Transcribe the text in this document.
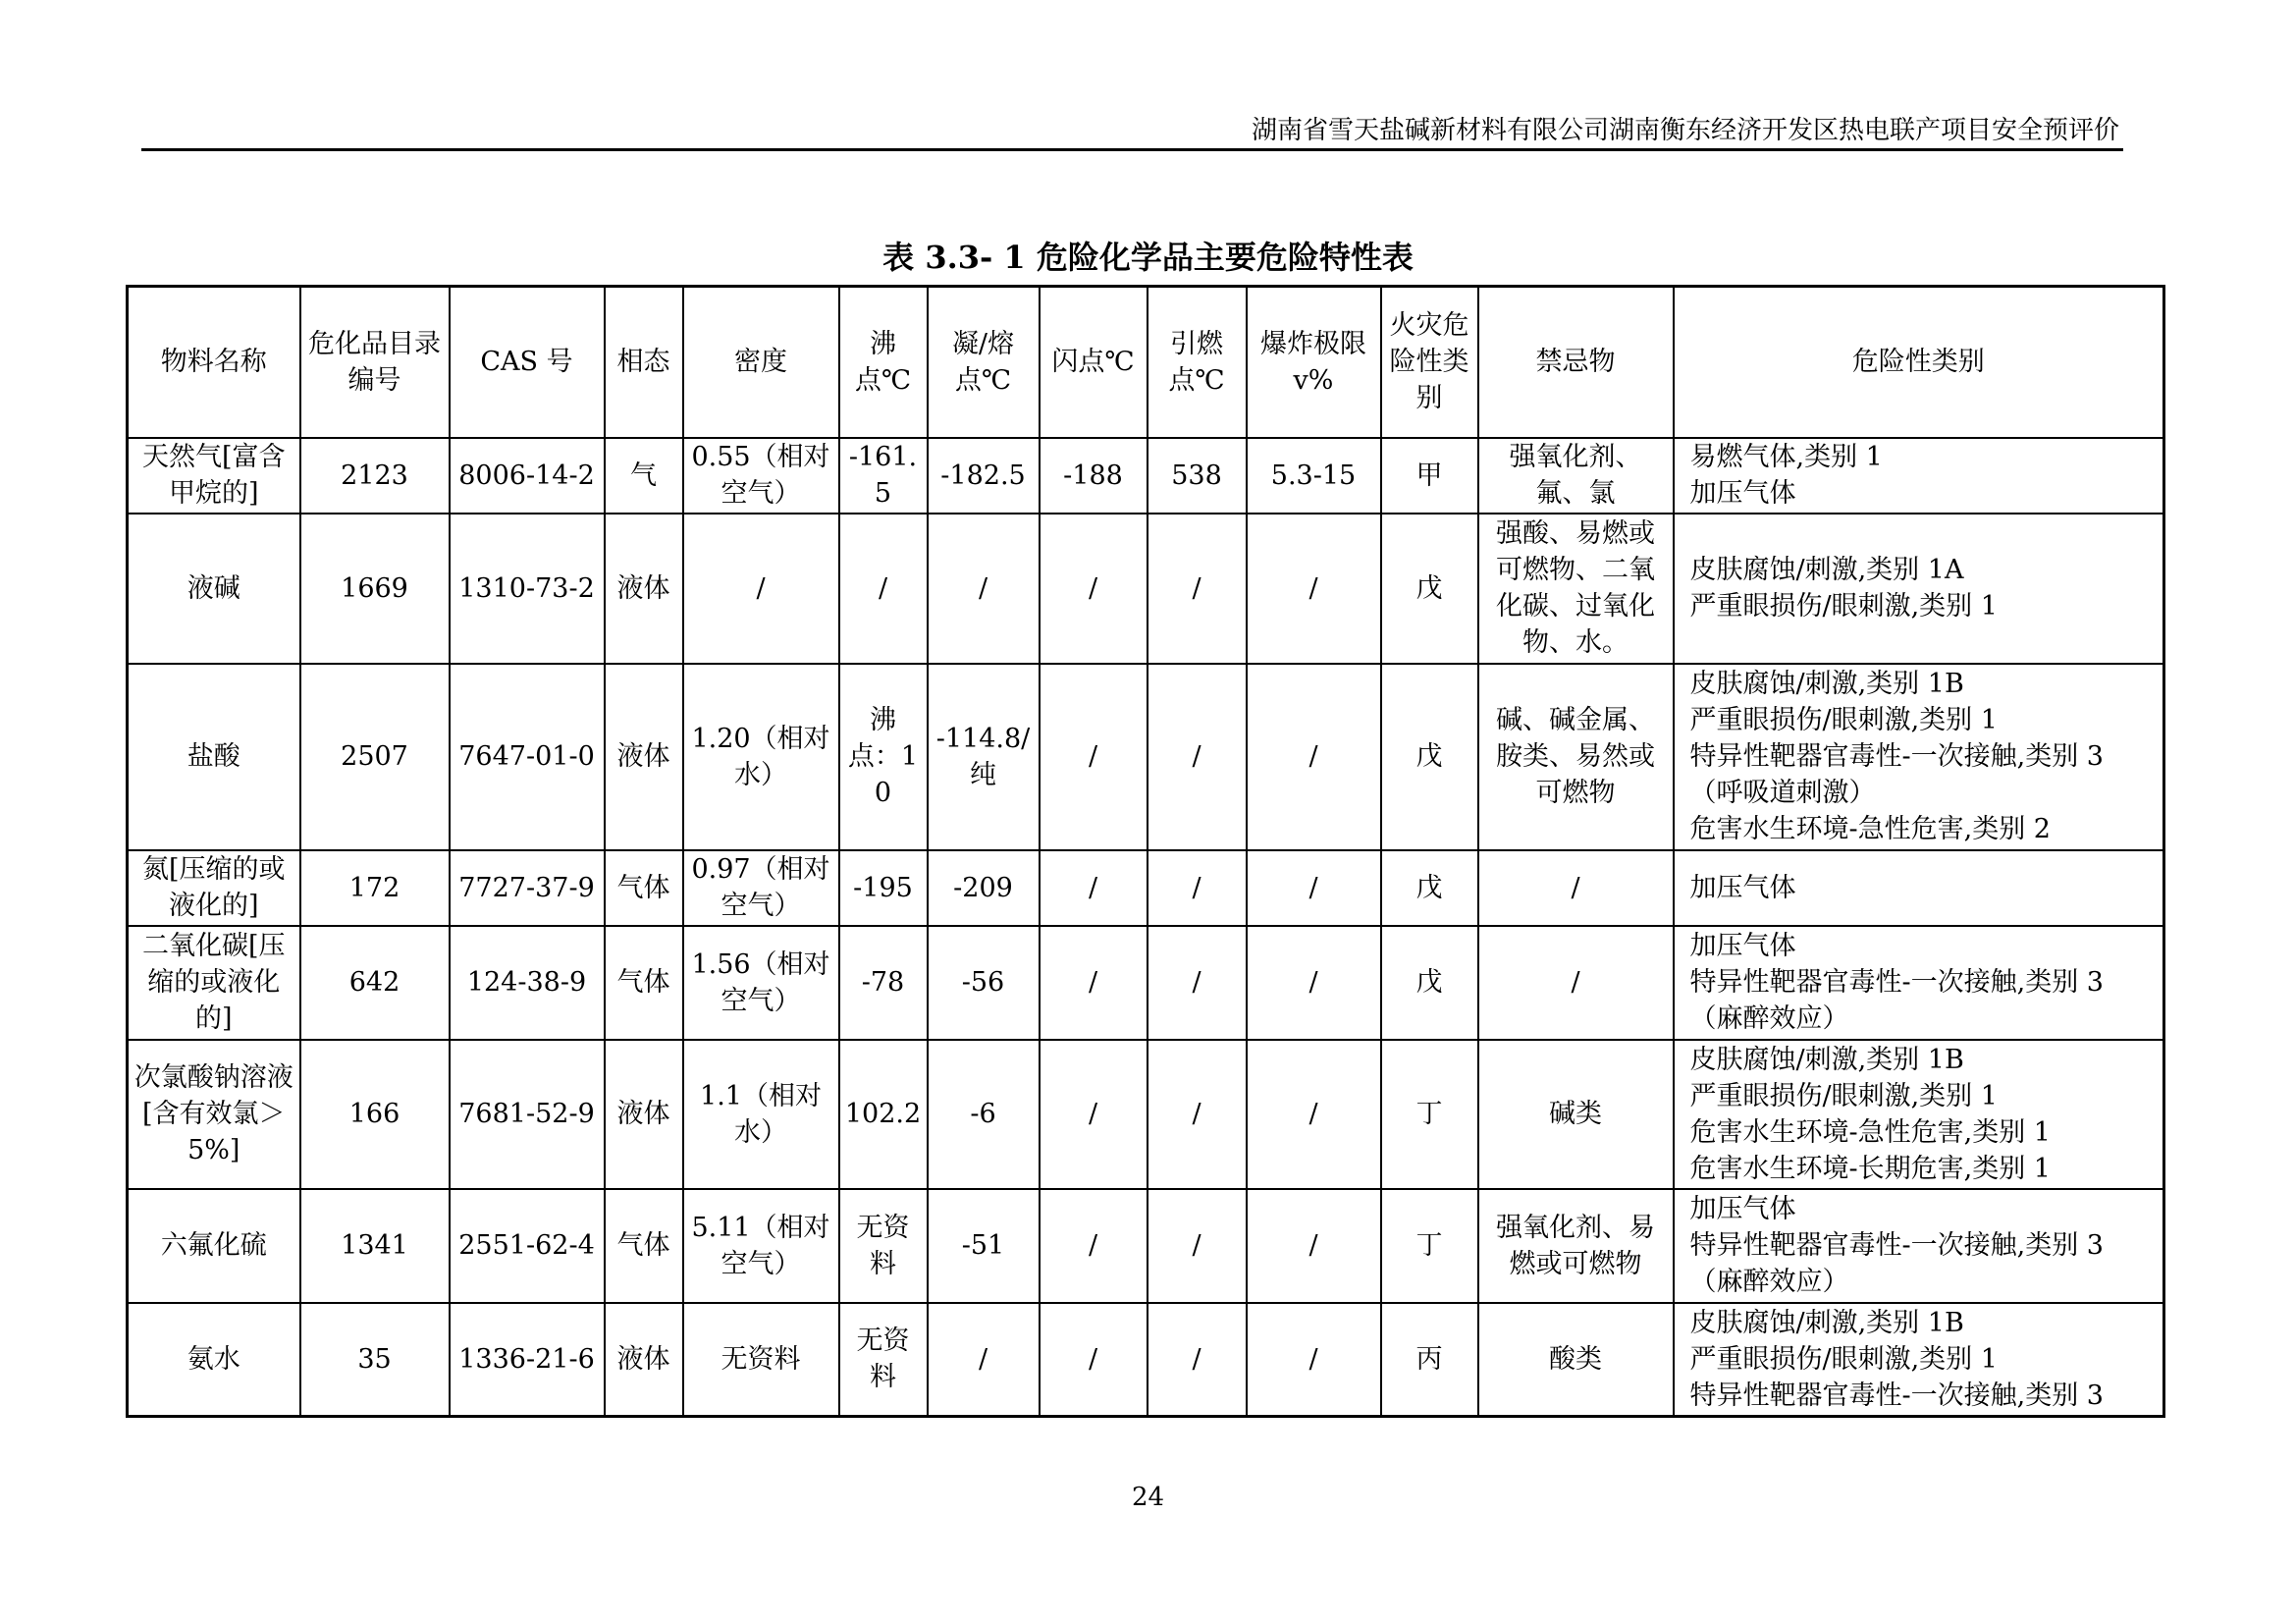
湖南省雪天盐碱新材料有限公司湖南衡东经济开发区热电联产项目安全预评价
表 3.3- 1 危险化学品主要危险特性表
物料名称	危化品目录编号	CAS 号	相态	密度	沸点℃	凝/熔点℃	闪点℃	引燃点℃	爆炸极限 v%	火灾危险性类别	禁忌物	危险性类别
天然气[富含甲烷的]	2123	8006-14-2	气	0.55（相对空气）	-161.5	-182.5	-188	538	5.3-15	甲	强氧化剂、氟、氯	易燃气体,类别 1
加压气体

液碱	1669	1310-73-2	液体	/	/	/	/	/	/	戊	强酸、易燃或可燃物、二氧化碳、过氧化物、水。	皮肤腐蚀/刺激,类别 1A
严重眼损伤/眼刺激,类别 1

盐酸	2507	7647-01-0	液体	1.20（相对水）	沸点：10	-114.8/纯	/	/	/	戊	碱、碱金属、胺类、易然或可燃物	皮肤腐蚀/刺激,类别 1B
严重眼损伤/眼刺激,类别 1
特异性靶器官毒性-一次接触,类别 3
（呼吸道刺激）
危害水生环境-急性危害,类别 2

氮[压缩的或液化的]	172	7727-37-9	气体	0.97（相对空气）	-195	-209	/	/	/	戊	/	加压气体

二氧化碳[压缩的或液化的]	642	124-38-9	气体	1.56（相对空气）	-78	-56	/	/	/	戊	/	加压气体
特异性靶器官毒性-一次接触,类别 3
（麻醉效应）

次氯酸钠溶液[含有效氯＞5%]	166	7681-52-9	液体	1.1（相对水）	102.2	-6	/	/	/	丁	碱类	皮肤腐蚀/刺激,类别 1B
严重眼损伤/眼刺激,类别 1
危害水生环境-急性危害,类别 1
危害水生环境-长期危害,类别 1

六氟化硫	1341	2551-62-4	气体	5.11（相对空气）	无资料	-51	/	/	/	丁	强氧化剂、易燃或可燃物	加压气体
特异性靶器官毒性-一次接触,类别 3
（麻醉效应）

氨水	35	1336-21-6	液体	无资料	无资料	/	/	/	/	丙	酸类	皮肤腐蚀/刺激,类别 1B
严重眼损伤/眼刺激,类别 1
特异性靶器官毒性-一次接触,类别 3
24
